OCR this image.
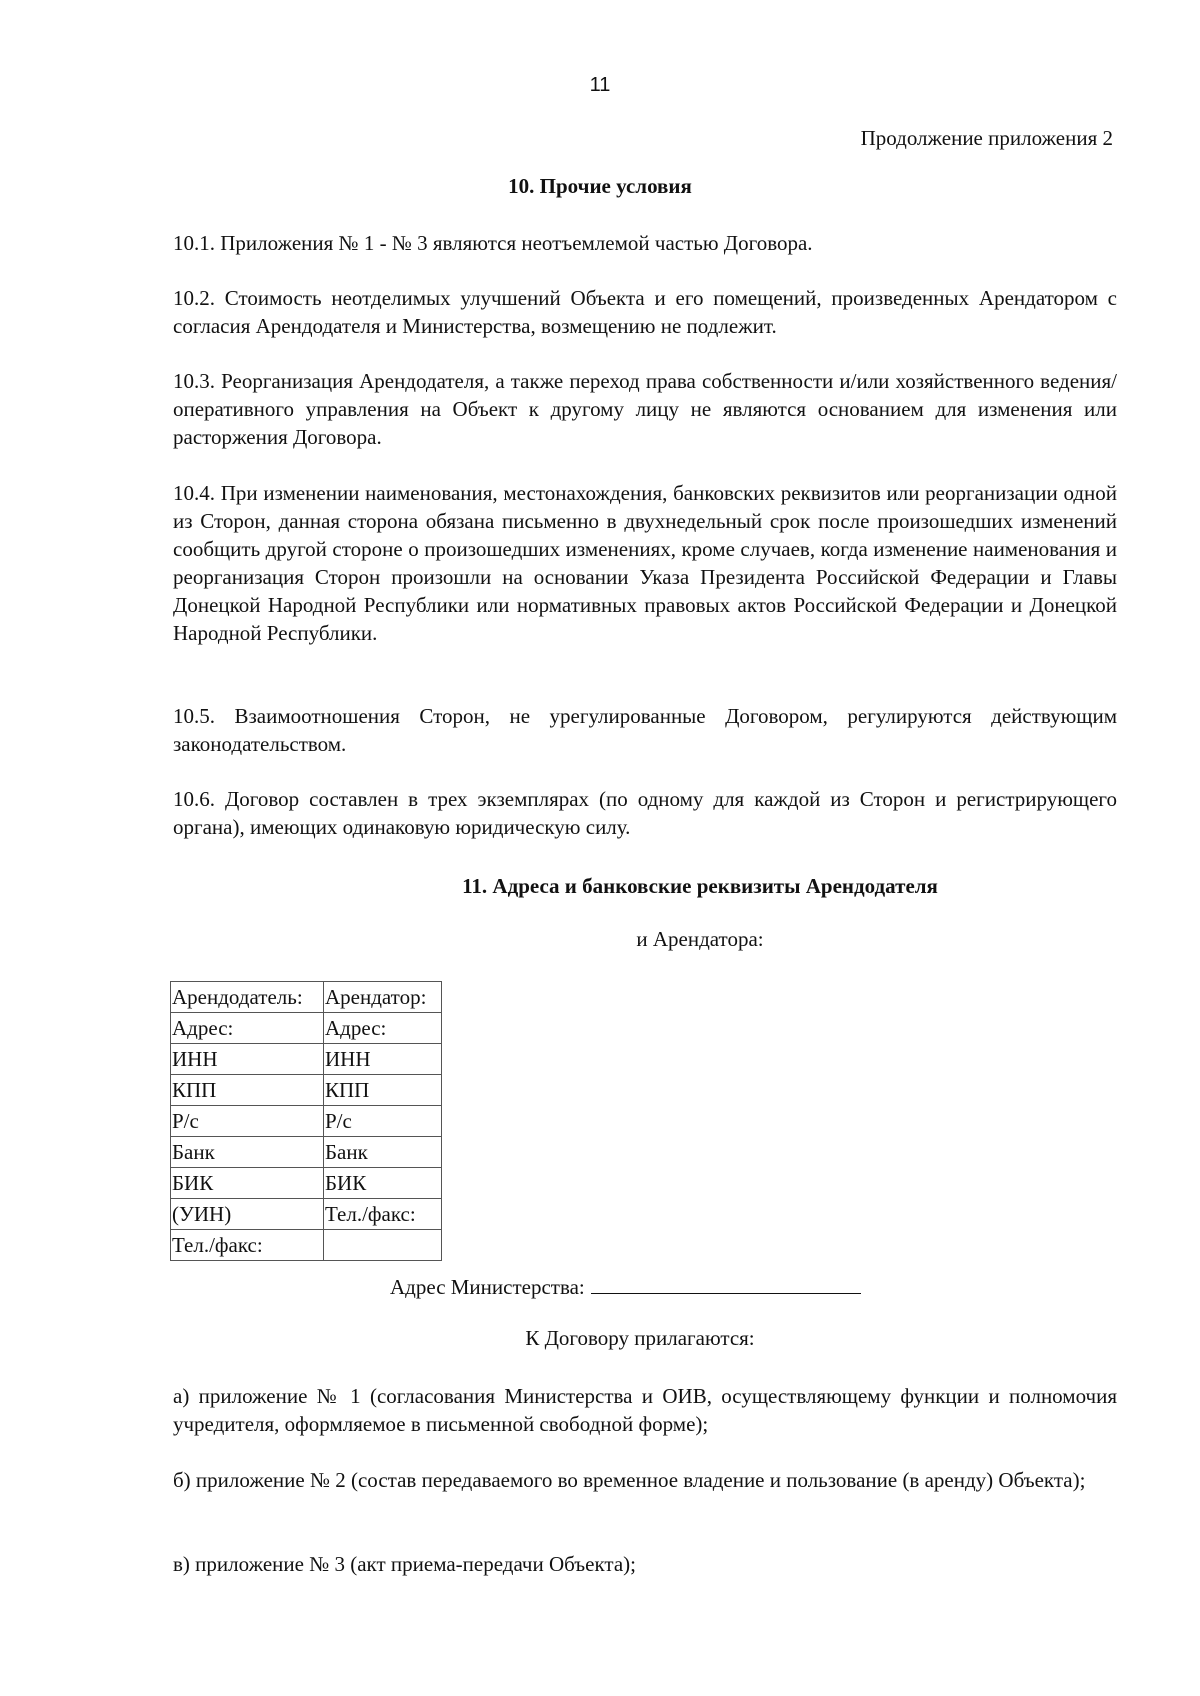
11
Продолжение приложения 2
10. Прочие условия

10.1. Приложения № 1 - № 3 являются неотъемлемой частью Договора.

10.2. Стоимость неотделимых улучшений Объекта и его помещений, произведенных Арендатором с согласия Арендодателя и Министерства, возмещению не подлежит.

10.3. Реорганизация Арендодателя, а также переход права собственности и/или хозяйственного ведения/оперативного управления на Объект к другому лицу не являются основанием для изменения или расторжения Договора.

10.4. При изменении наименования, местонахождения, банковских реквизитов или реорганизации одной из Сторон, данная сторона обязана письменно в двухнедельный срок после произошедших изменений сообщить другой стороне о произошедших изменениях, кроме случаев, когда изменение наименования и реорганизация Сторон произошли на основании Указа Президента Российской Федерации и Главы Донецкой Народной Республики или нормативных правовых актов Российской Федерации и Донецкой Народной Республики.

10.5. Взаимоотношения Сторон, не урегулированные Договором, регулируются действующим законодательством.

10.6. Договор составлен в трех экземплярах (по одному для каждой из Сторон и регистрирующего органа), имеющих одинаковую юридическую силу.

11. Адреса и банковские реквизиты Арендодателя
и Арендатора:
Арендодатель:	Арендатор:
Адрес:	Адрес:
ИНН	ИНН
КПП	КПП
Р/с	Р/с
Банк	Банк
БИК	БИК
(УИН)	Тел./факс:
Тел./факс:	
Адрес Министерства:
К Договору прилагаются:

а) приложение № 1 (согласования Министерства и ОИВ, осуществляющему функции и полномочия учредителя, оформляемое в письменной свободной форме);

б) приложение № 2 (состав передаваемого во временное владение и пользование (в аренду) Объекта);

в) приложение № 3 (акт приема-передачи Объекта);
